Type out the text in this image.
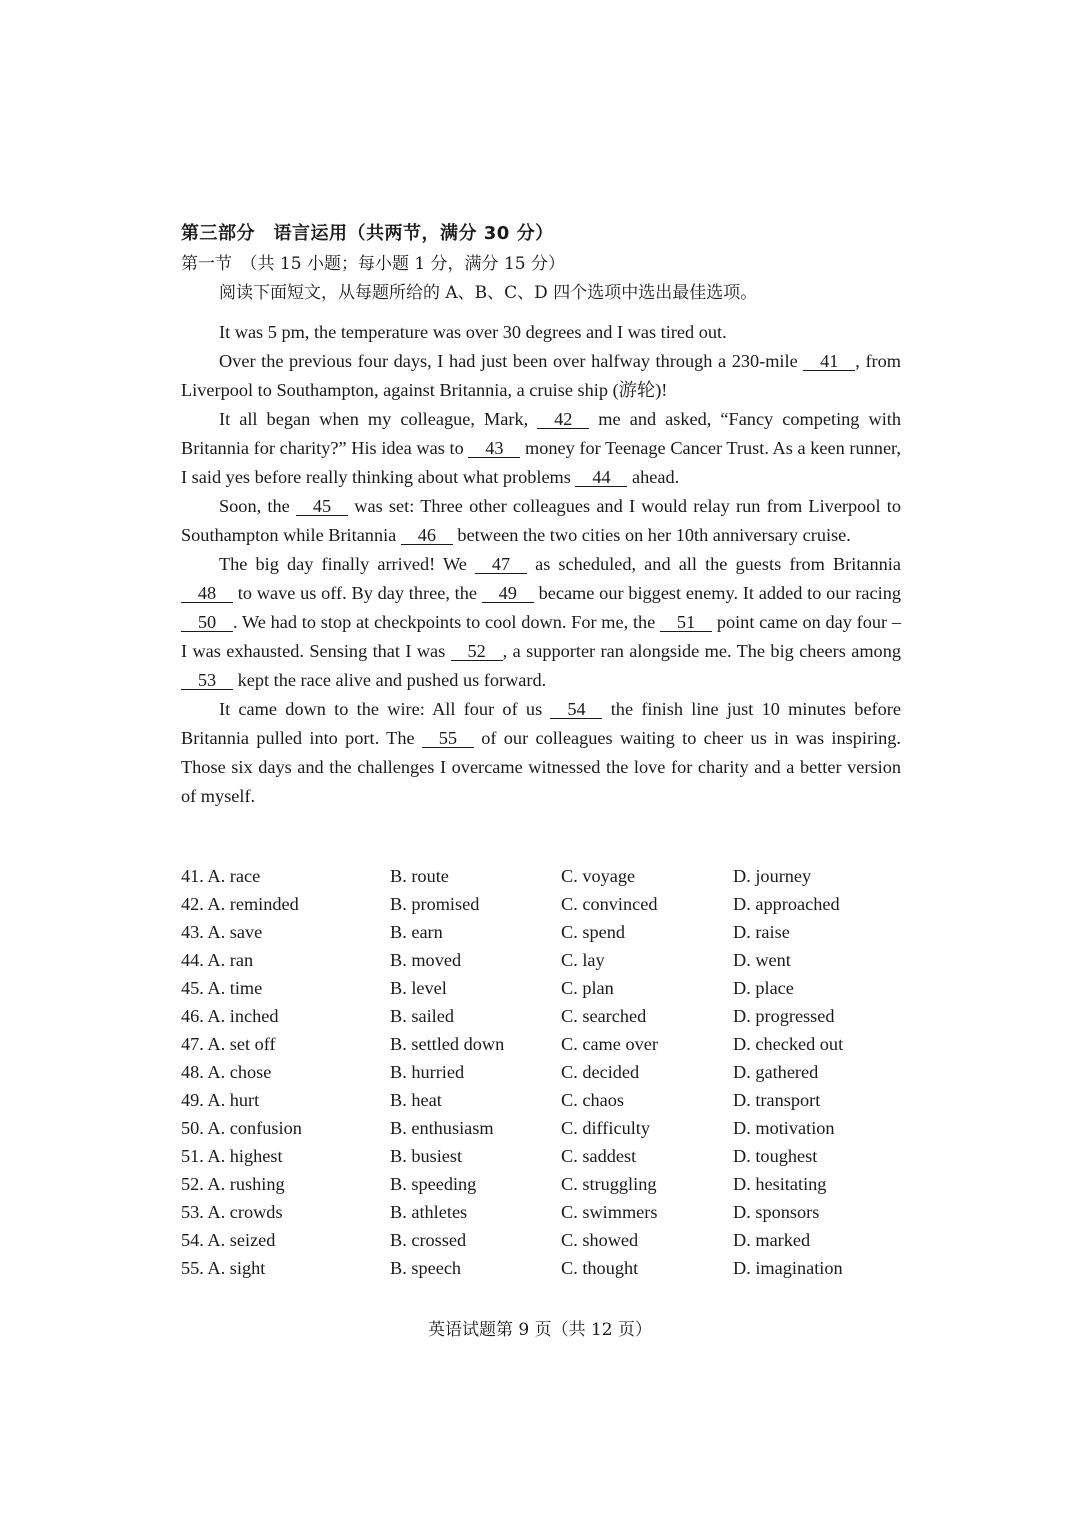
第三部分　语言运用（共两节，满分 30 分）
第一节　（共 15 小题；每小题 1 分，满分 15 分）
阅读下面短文，从每题所给的 A、B、C、D 四个选项中选出最佳选项。

It was 5 pm, the temperature was over 30 degrees and I was tired out.

Over the previous four days, I had just been over halfway through a 230-mile 41 , from Liverpool to Southampton, against Britannia, a cruise ship (游轮)!

It all began when my colleague, Mark, 42 me and asked, “Fancy competing with Britannia for charity?” His idea was to 43 money for Teenage Cancer Trust. As a keen runner, I said yes before really thinking about what problems 44 ahead.

Soon, the 45 was set: Three other colleagues and I would relay run from Liverpool to Southampton while Britannia 46 between the two cities on her 10th anniversary cruise.

The big day finally arrived! We 47 as scheduled, and all the guests from Britannia 48 to wave us off. By day three, the 49 became our biggest enemy. It added to our racing 50 . We had to stop at checkpoints to cool down. For me, the 51 point came on day four – I was exhausted. Sensing that I was 52 , a supporter ran alongside me. The big cheers among 53 kept the race alive and pushed us forward.

It came down to the wire: All four of us 54 the finish line just 10 minutes before Britannia pulled into port. The 55 of our colleagues waiting to cheer us in was inspiring. Those six days and the challenges I overcame witnessed the love for charity and a better version of myself.

41. A. race	B. route	C. voyage	D. journey
42. A. reminded	B. promised	C. convinced	D. approached
43. A. save	B. earn	C. spend	D. raise
44. A. ran	B. moved	C. lay	D. went
45. A. time	B. level	C. plan	D. place
46. A. inched	B. sailed	C. searched	D. progressed
47. A. set off	B. settled down	C. came over	D. checked out
48. A. chose	B. hurried	C. decided	D. gathered
49. A. hurt	B. heat	C. chaos	D. transport
50. A. confusion	B. enthusiasm	C. difficulty	D. motivation
51. A. highest	B. busiest	C. saddest	D. toughest
52. A. rushing	B. speeding	C. struggling	D. hesitating
53. A. crowds	B. athletes	C. swimmers	D. sponsors
54. A. seized	B. crossed	C. showed	D. marked
55. A. sight	B. speech	C. thought	D. imagination
英语试题第 9 页（共 12 页）
